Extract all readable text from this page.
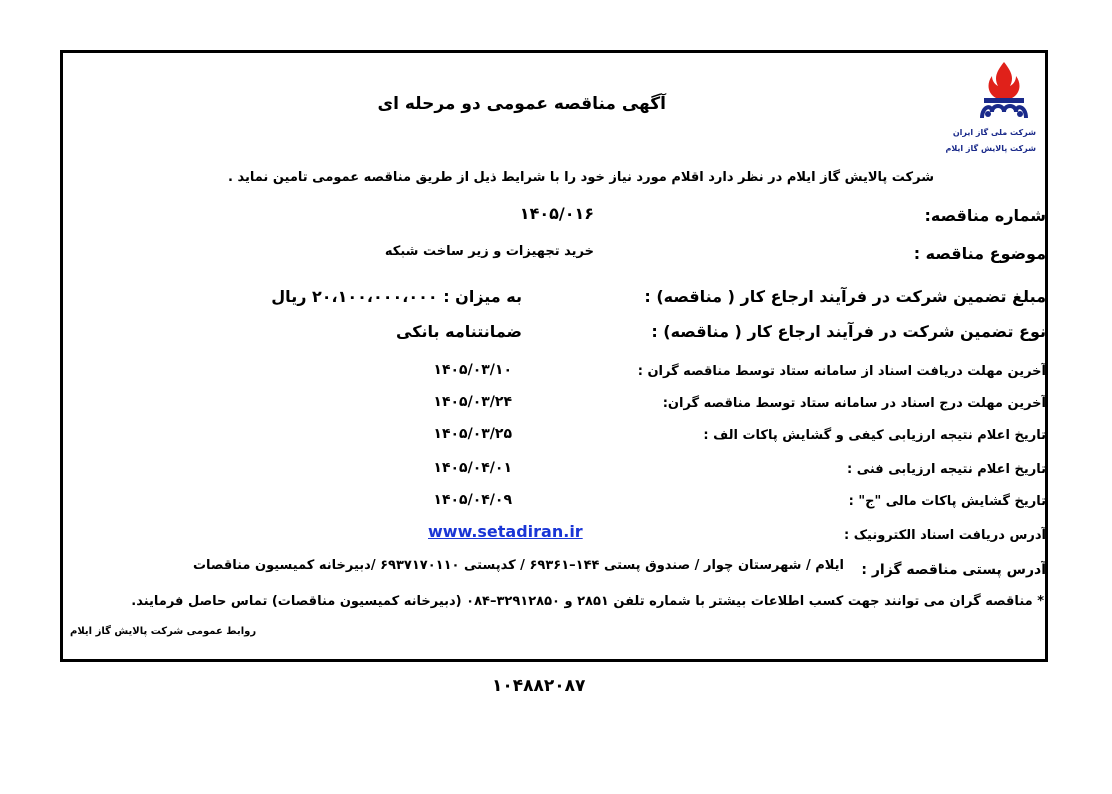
شرکت ملی گاز ایران
شرکت پالایش گاز ایلام
آگهی مناقصه عمومی دو مرحله ای
شرکت پالایش گاز ایلام در نظر دارد اقلام مورد نیاز خود را با شرایط ذیل از طریق مناقصه عمومی تامین نماید .
شماره مناقصه:
۱۴۰۵/۰۱۶
موضوع مناقصه :
خرید تجهیزات و زیر ساخت شبکه
مبلغ تضمین شرکت در فرآیند ارجاع کار ( مناقصه) :
به میزان : ۲۰،۱۰۰،۰۰۰،۰۰۰ ریال
نوع تضمین شرکت در فرآیند ارجاع کار ( مناقصه) :
ضمانتنامه بانکی
آخرین مهلت دریافت اسناد از سامانه ستاد توسط مناقصه گران :
۱۴۰۵/۰۳/۱۰
آخرین مهلت درج اسناد در سامانه ستاد توسط مناقصه گران:
۱۴۰۵/۰۳/۲۴
تاریخ اعلام نتیجه ارزیابی کیفی و گشایش پاکات الف :
۱۴۰۵/۰۳/۲۵
تاریخ اعلام نتیجه ارزیابی فنی :
۱۴۰۵/۰۴/۰۱
تاریخ گشایش پاکات مالی "ج" :
۱۴۰۵/۰۴/۰۹
آدرس دریافت اسناد الکترونیک :
www.setadiran.ir
آدرس پستی مناقصه گزار :
ایلام / شهرستان چوار / صندوق پستی ۱۴۴–۶۹۳۶۱ / کدپستی ۶۹۳۷۱۷۰۱۱۰ /دبیرخانه کمیسیون مناقصات
* مناقصه گران می توانند جهت کسب اطلاعات بیشتر با شماره تلفن ۲۸۵۱ و ۳۲۹۱۲۸۵۰–۰۸۴ (دبیرخانه کمیسیون مناقصات) تماس حاصل فرمایند.
روابط عمومی شرکت پالایش گاز ایلام
۱۰۴۸۸۲۰۸۷
